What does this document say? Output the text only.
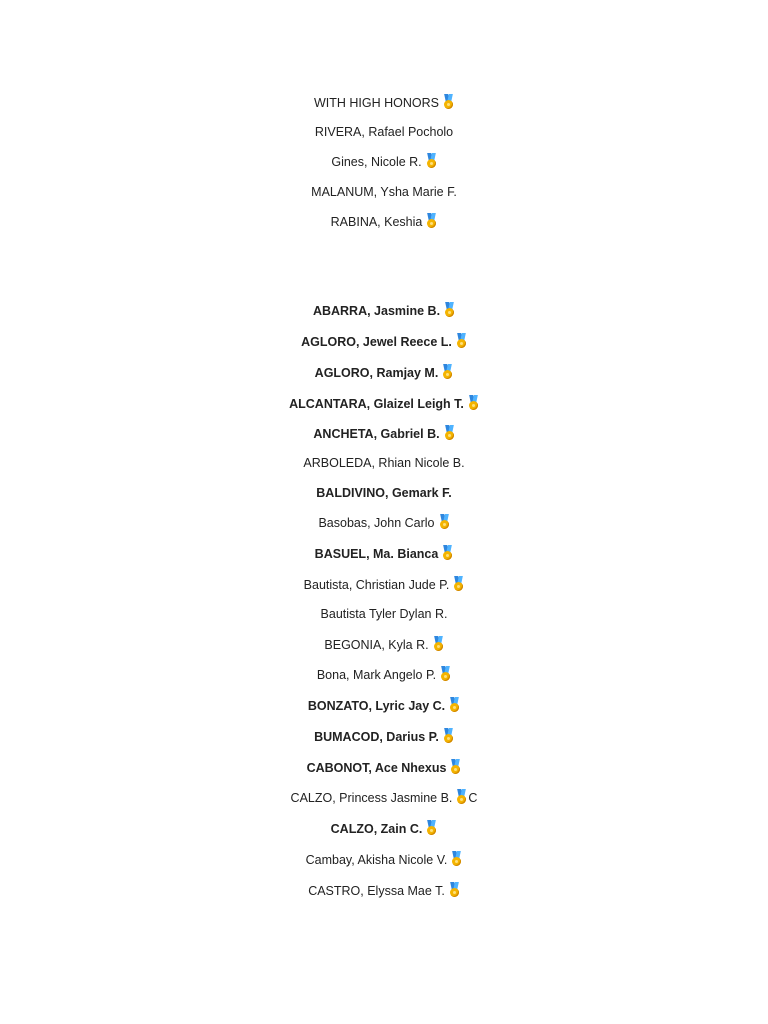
WITH HIGH HONORS
RIVERA, Rafael Pocholo
Gines, Nicole R.
MALANUM, Ysha Marie F.
RABINA, Keshia
ABARRA, Jasmine B.
AGLORO, Jewel Reece L.
AGLORO, Ramjay M.
ALCANTARA, Glaizel Leigh T.
ANCHETA, Gabriel B.
ARBOLEDA, Rhian Nicole B.
BALDIVINO, Gemark F.
Basobas, John Carlo
BASUEL, Ma. Bianca
Bautista, Christian Jude P.
Bautista Tyler Dylan R.
BEGONIA, Kyla R.
Bona, Mark Angelo P.
BONZATO, Lyric Jay C.
BUMACOD, Darius P.
CABONOT, Ace Nhexus
CALZO, Princess Jasmine B. C
CALZO, Zain C.
Cambay, Akisha Nicole V.
CASTRO, Elyssa Mae T.
